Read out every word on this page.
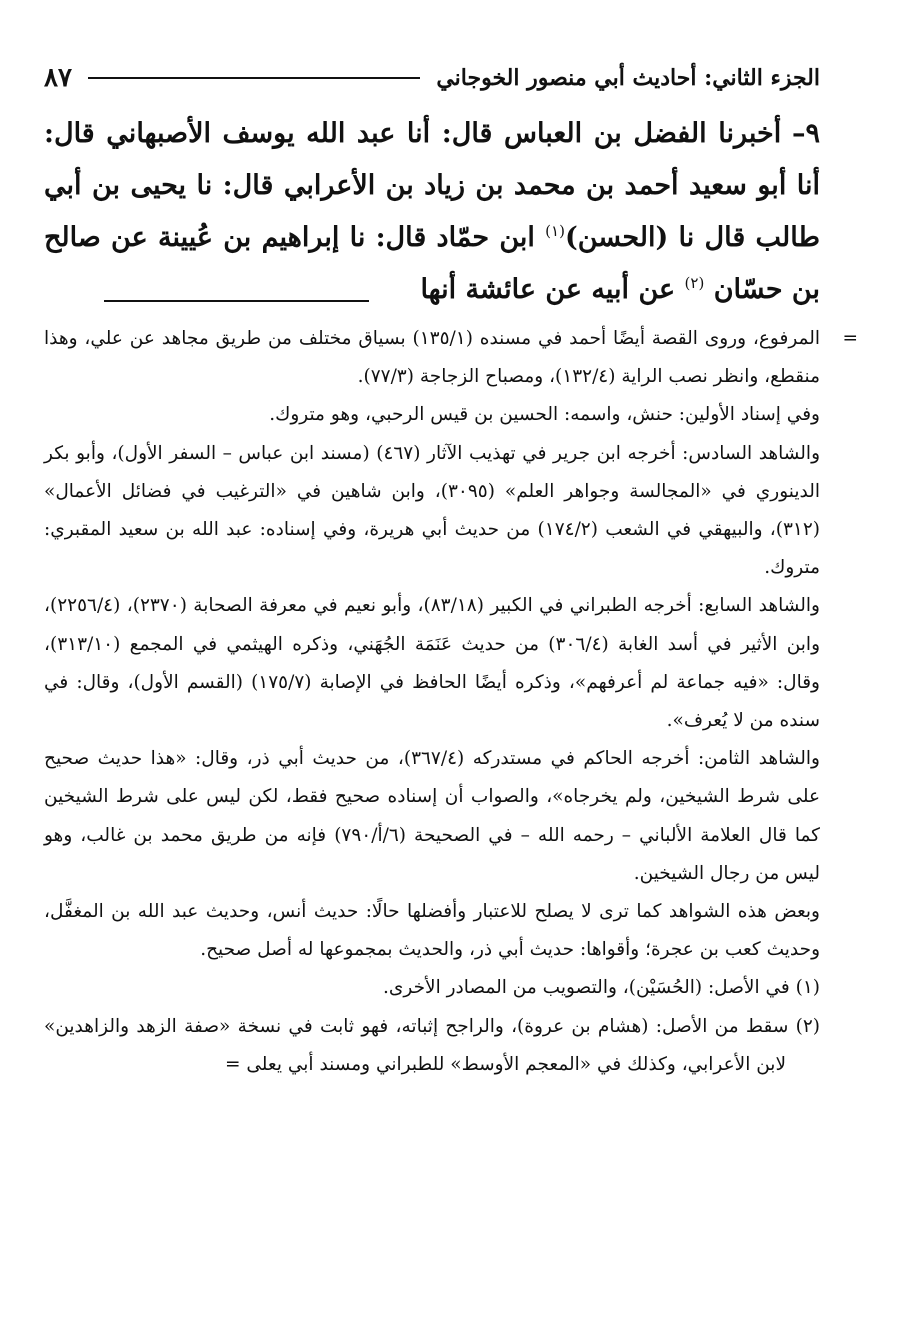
الجزء الثاني: أحاديث أبي منصور الخوجاني
٨٧

٩– أخبرنا الفضل بن العباس قال: أنا عبد الله يوسف الأصبهاني قال: أنا أبو سعيد أحمد بن محمد بن زياد بن الأعرابي قال: نا يحيى بن أبي طالب قال نا (الحسن)$^{(١)}$ ابن حمّاد قال: نا إبراهيم بن عُيينة عن صالح بن حسّان $^{(٢)}$ عن أبيه عن عائشة أنها

=
المرفوع، وروى القصة أيضًا أحمد في مسنده (١٣٥/١) بسياق مختلف من طريق مجاهد عن علي، وهذا منقطع، وانظر نصب الراية (١٣٢/٤)، ومصباح الزجاجة (٧٧/٣).

وفي إسناد الأولين: حنش، واسمه: الحسين بن قيس الرحبي، وهو متروك.

والشاهد السادس: أخرجه ابن جرير في تهذيب الآثار (٤٦٧) (مسند ابن عباس – السفر الأول)، وأبو بكر الدينوري في «المجالسة وجواهر العلم» (٣٠٩٥)، وابن شاهين في «الترغيب في فضائل الأعمال» (٣١٢)، والبيهقي في الشعب (١٧٤/٢) من حديث أبي هريرة، وفي إسناده: عبد الله بن سعيد المقبري: متروك.

والشاهد السابع: أخرجه الطبراني في الكبير (٨٣/١٨)، وأبو نعيم في معرفة الصحابة (٢٣٧٠)، (٢٢٥٦/٤)، وابن الأثير في أسد الغابة (٣٠٦/٤) من حديث عَنَمَة الجُهَني، وذكره الهيثمي في المجمع (٣١٣/١٠)، وقال: «فيه جماعة لم أعرفهم»، وذكره أيضًا الحافظ في الإصابة (١٧٥/٧) (القسم الأول)، وقال: في سنده من لا يُعرف».

والشاهد الثامن: أخرجه الحاكم في مستدركه (٣٦٧/٤)، من حديث أبي ذر، وقال: «هذا حديث صحيح على شرط الشيخين، ولم يخرجاه»، والصواب أن إسناده صحيح فقط، لكن ليس على شرط الشيخين كما قال العلامة الألباني – رحمه الله – في الصحيحة (٦/أ/٧٩٠) فإنه من طريق محمد بن غالب، وهو ليس من رجال الشيخين.

وبعض هذه الشواهد كما ترى لا يصلح للاعتبار وأفضلها حالًا: حديث أنس، وحديث عبد الله بن المغفَّل، وحديث كعب بن عجرة؛ وأقواها: حديث أبي ذر، والحديث بمجموعها له أصل صحيح.

(١) في الأصل: (الحُسَيْن)، والتصويب من المصادر الأخرى.

(٢) سقط من الأصل: (هشام بن عروة)، والراجح إثباته، فهو ثابت في نسخة «صفة الزهد والزاهدين» لابن الأعرابي، وكذلك في «المعجم الأوسط» للطبراني ومسند أبي يعلى =
